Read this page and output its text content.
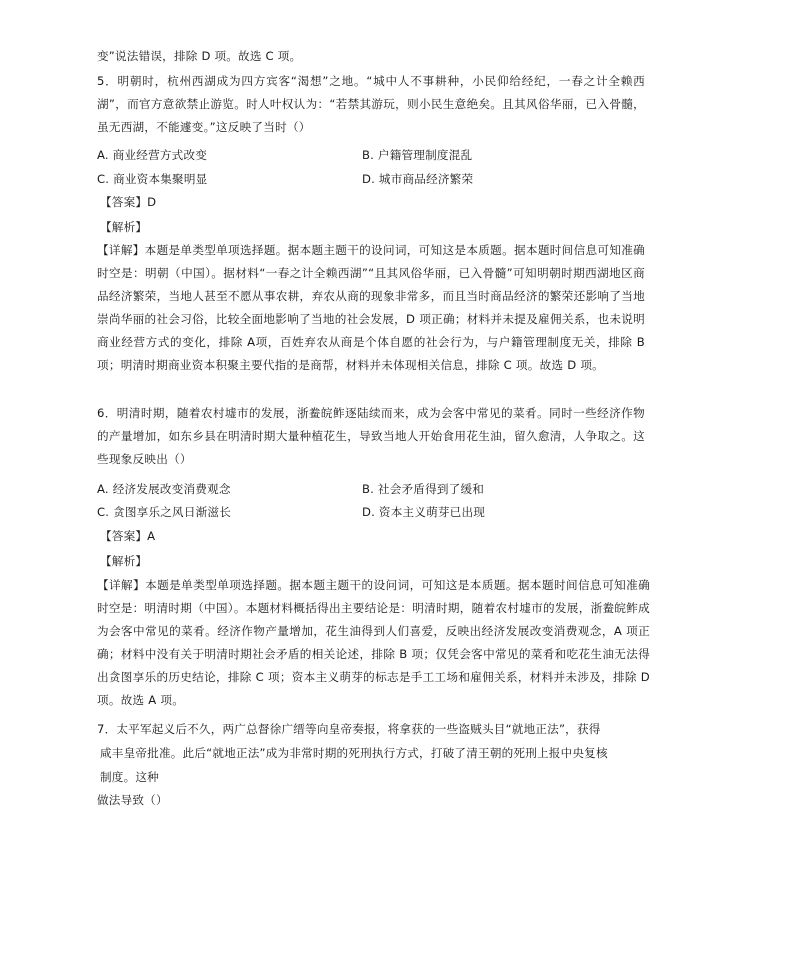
变”说法错误，排除 D 项。故选 C 项。
5．明朝时，杭州西湖成为四方宾客“渴想”之地。“城中人不事耕种，小民仰给经纪，一春之计全赖西湖”，而官方意欲禁止游览。时人叶权认为：“若禁其游玩，则小民生意绝矣。且其风俗华丽，已入骨髓，虽无西湖，不能遽变。”这反映了当时（）
A. 商业经营方式改变	B. 户籍管理制度混乱
C. 商业资本集聚明显	D. 城市商品经济繁荣
【答案】D
【解析】
【详解】本题是单类型单项选择题。据本题主题干的设问词，可知这是本质题。据本题时间信息可知准确时空是：明朝（中国）。据材料“一春之计全赖西湖”“且其风俗华丽，已入骨髓”可知明朝时期西湖地区商品经济繁荣，当地人甚至不愿从事农耕，弃农从商的现象非常多，而且当时商品经济的繁荣还影响了当地崇尚华丽的社会习俗，比较全面地影响了当地的社会发展，D 项正确；材料并未提及雇佣关系，也未说明商业经营方式的变化，排除 A项，百姓弃农从商是个体自愿的社会行为，与户籍管理制度无关，排除 B 项；明清时期商业资本积聚主要代指的是商帮，材料并未体现相关信息，排除 C 项。故选 D 项。
6．明清时期，随着农村墟市的发展，浙鲞皖鲊逐陆续而来，成为会客中常见的菜肴。同时一些经济作物的产量增加，如东乡县在明清时期大量种植花生，导致当地人开始食用花生油，留久愈清，人争取之。这些现象反映出（）
A. 经济发展改变消费观念	B. 社会矛盾得到了缓和
C. 贪图享乐之风日渐滋长	D. 资本主义萌芽已出现
【答案】A
【解析】
【详解】本题是单类型单项选择题。据本题主题干的设问词，可知这是本质题。据本题时间信息可知准确时空是：明清时期（中国）。本题材料概括得出主要结论是：明清时期，随着农村墟市的发展，浙鲞皖鲊成为会客中常见的菜肴。经济作物产量增加，花生油得到人们喜爱，反映出经济发展改变消费观念，A 项正确；材料中没有关于明清时期社会矛盾的相关论述，排除 B 项；仅凭会客中常见的菜肴和吃花生油无法得出贪图享乐的历史结论，排除 C 项；资本主义萌芽的标志是手工工场和雇佣关系，材料并未涉及，排除 D 项。故选 A 项。
7．太平军起义后不久，两广总督徐广缙等向皇帝奏报，将拿获的一些盗贼头目“就地正法”，获得
咸丰皇帝批准。此后“就地正法”成为非常时期的死刑执行方式，打破了清王朝的死刑上报中央复核
制度。这种
做法导致（）
